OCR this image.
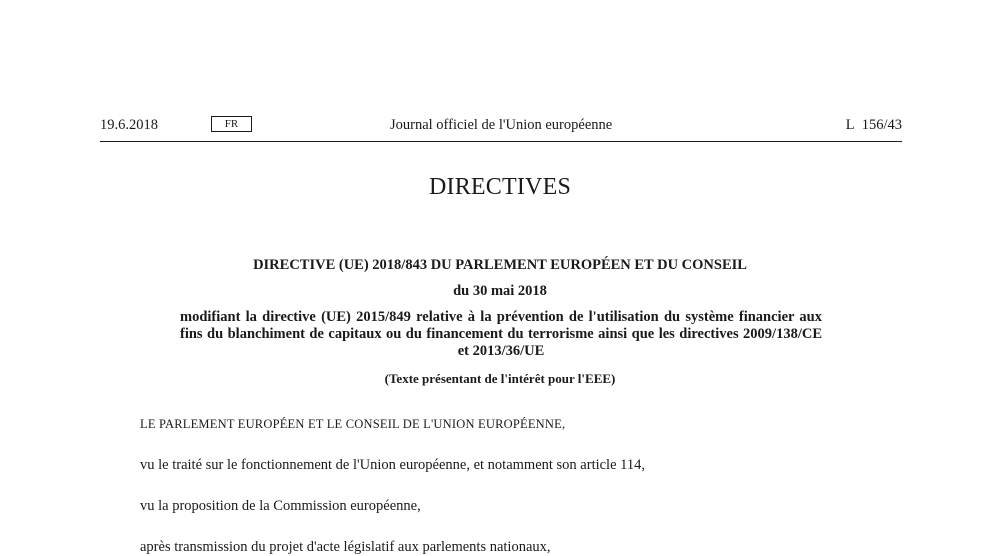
19.6.2018	FR	Journal officiel de l'Union européenne	L 156/43
DIRECTIVES
DIRECTIVE (UE) 2018/843 DU PARLEMENT EUROPÉEN ET DU CONSEIL
du 30 mai 2018
modifiant la directive (UE) 2015/849 relative à la prévention de l'utilisation du système financier aux fins du blanchiment de capitaux ou du financement du terrorisme ainsi que les directives 2009/138/CE et 2013/36/UE
(Texte présentant de l'intérêt pour l'EEE)
LE PARLEMENT EUROPÉEN ET LE CONSEIL DE L'UNION EUROPÉENNE,
vu le traité sur le fonctionnement de l'Union européenne, et notamment son article 114,
vu la proposition de la Commission européenne,
après transmission du projet d'acte législatif aux parlements nationaux,
